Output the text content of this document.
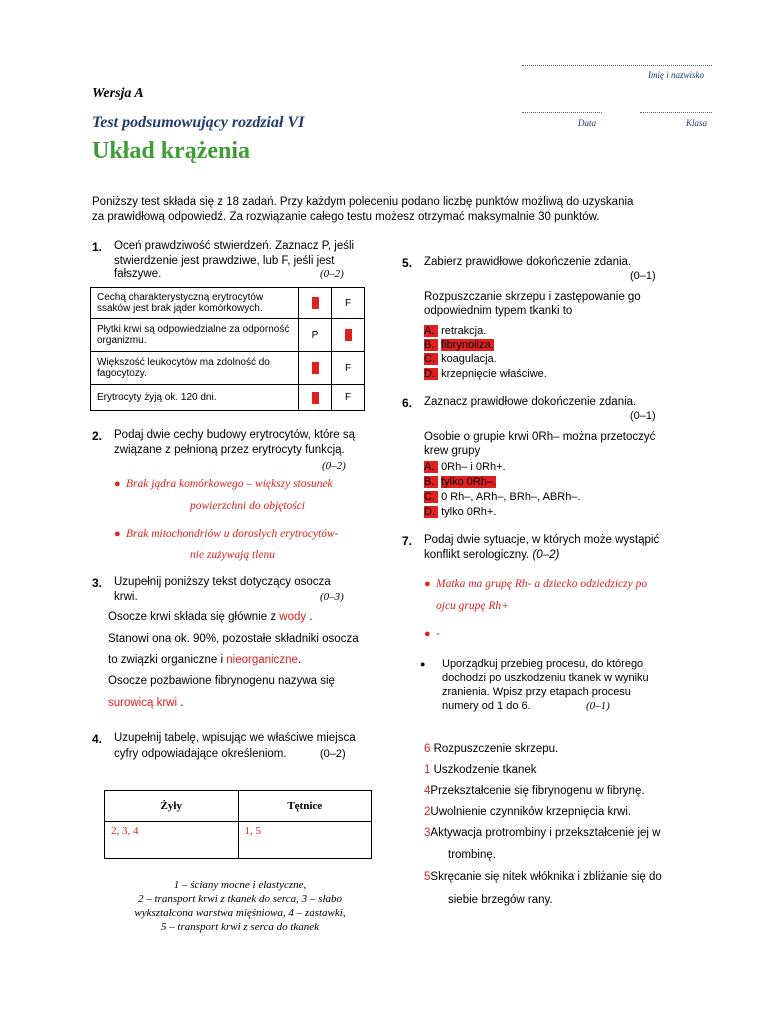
Imię i nazwisko
Data	Klasa
Wersja A
Test podsumowujący rozdział VI
Układ krążenia
Poniższy test składa się z 18 zadań. Przy każdym poleceniu podano liczbę punktów możliwą do uzyskania
za prawidłową odpowiedź. Za rozwiązanie całego testu możesz otrzymać maksymalnie 30 punktów.
1. Oceń prawdziwość stwierdzeń. Zaznacz P, jeśli
stwierdzenie jest prawdziwe, lub F, jeśli jest
fałszywe.	(0–2)
Cechą charakterystyczną erytrocytów ssaków jest brak jąder komórkowych.	P	F
Płytki krwi są odpowiedzialne za odporność organizmu.	P	F
Większość leukocytów ma zdolność do fagocytozy.	P	F
Erytrocyty żyją ok. 120 dni.	P	F
2. Podaj dwie cechy budowy erytrocytów, które są
związane z pełnioną przez erytrocyty funkcją.
(0–2)
● Brak jądra komórkowego – większy stosunek
powierzchni do objętości
● Brak mitochondriów u dorosłych erytrocytów-
nie zużywają tlenu
3. Uzupełnij poniższy tekst dotyczący osocza
krwi.	(0–3)
Osocze krwi składa się głównie z wody .
Stanowi ona ok. 90%, pozostałe składniki osocza
to związki organiczne i nieorganiczne.
Osocze pozbawione fibrynogenu nazywa się
surowicą krwi .
4. Uzupełnij tabelę, wpisując we właściwe miejsca
cyfry odpowiadające określeniom.	(0–2)
Żyły	Tętnice
2, 3, 4	1, 5
1 – ściany mocne i elastyczne,
2 – transport krwi z tkanek do serca, 3 – słabo
wykształcona warstwa mięśniowa, 4 – zastawki,
5 – transport krwi z serca do tkanek
5. Zabierz prawidłowe dokończenie zdania.
(0–1)
Rozpuszczanie skrzepu i zastępowanie go
odpowiednim typem tkanki to
A. retrakcja.
B. fibrynoliza.
C. koagulacja.
D. krzepnięcie właściwe.
6. Zaznacz prawidłowe dokończenie zdania.
(0–1)
Osobie o grupie krwi 0Rh– można przetoczyć
krew grupy
A. 0Rh– i 0Rh+.
B. tylko 0Rh–.
C. 0 Rh–, ARh–, BRh–, ABRh–.
D. tylko 0Rh+.
7. Podaj dwie sytuacje, w których może wystąpić
konflikt serologiczny. (0–2)
● Matka ma grupę Rh- a dziecko odziedziczy po
ojcu grupę Rh+
● -
● Uporządkuj przebieg procesu, do którego
dochodzi po uszkodzeniu tkanek w wyniku
zranienia. Wpisz przy etapach procesu
numery od 1 do 6.	(0–1)
6 Rozpuszczenie skrzepu.
1 Uszkodzenie tkanek
4Przekształcenie się fibrynogenu w fibrynę.
2Uwolnienie czynników krzepnięcia krwi.
3Aktywacja protrombiny i przekształcenie jej w
trombinę.
5Skręcanie się nitek włóknika i zbliżanie się do
siebie brzegów rany.
